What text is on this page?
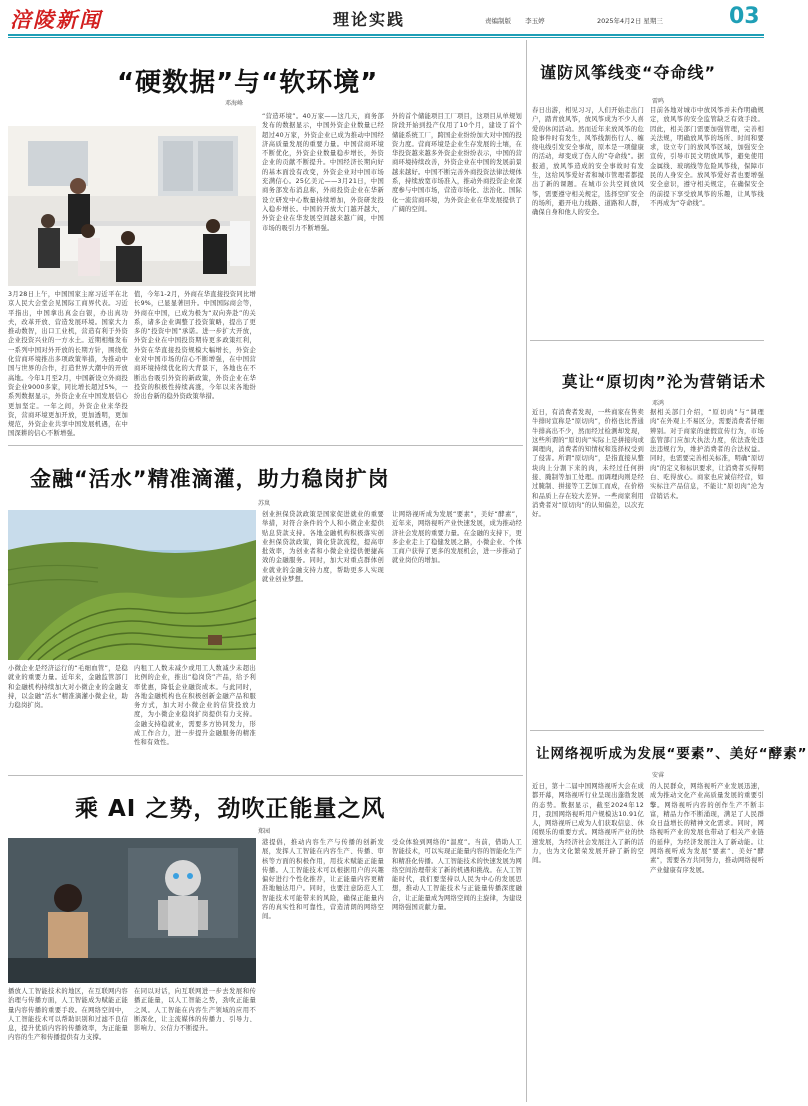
涪陵新闻	理论实践	责编制版 李玉婷	2025年4月2日 星期三	03
“硬数据”与“软环境”
邓海峰
3月28日上午，中国国家主席习近平在北京人民大会堂会见国际工商界代表。习近平指出，中国拿出真金白银，办出真功夫，改革开放、营造发展环境。国家大力推动数智，出口工业机，营造有利于外资企业投资兴业的一方水土。近期相继发布一系列中国对外开放的长期方针，围绕优化营商环境推出多项政策举措，为推动中国与世界的合作，打造世界大潮中的开放高地。今年1月至2月，中国新设立外商投资企业9000多家，同比增长超过5%，一系列数据显示，外资企业在中国发展信心更加坚定。一年之间，外资企业来华投资，营商环境更加开放，更加透明，更加规范，外资企业共享中国发展机遇，在中国深耕的信心不断增强。
值，今年1-2月，外商在华直接投资同比增长9%，已显显著回升。中国国际商会等，外商在中国，已成为极为“双向奔赴”的关系，诸多企业调整了投资策略，提出了更多的“投资中国”承诺。进一步扩大开放，外资企业在中国投资期待更多政策红利，外资在华直接投资规模大幅增长，外资企业对中国市场的信心不断增强，在中国营商环境持续优化的大背景下，各地也在不断出台吸引外资的新政策，外资企业在华投资的积极性持续高涨，今年以来各地纷纷出台新的稳外资政策举措。
“营造环境”。40万家——这几天，商务部发布的数据显示，中国外资企业数量已经超过40万家，外资企业已成为推动中国经济高质量发展的重要力量。中国营商环境不断优化，外资企业数量稳步增长，外资企业的贡献不断提升。中国经济长期向好的基本面没有改变，外资企业对中国市场充满信心。25亿美元——3月21日，中国商务部发布消息称，外商投资企业在华新设立研发中心数量持续增加，外资研发投入稳步增长。中国的开放大门越开越大，外资企业在华发展空间越来越广阔，中国市场的吸引力不断增强。
外的首个储能项目工厂项目，这项目从单规划阶段开始到投产仅用了10个月，建设了首个储能系统工厂，跨国企业纷纷加大对中国的投资力度。营商环境是企业生存发展的土壤，在华投资越来越多外资企业纷纷表示，中国的营商环境持续改善，外资企业在中国的发展前景越来越好。中国不断完善外商投资法律法规体系，持续放宽市场准入，推动外商投资企业深度参与中国市场，营造市场化、法治化、国际化一流营商环境，为外资企业在华发展提供了广阔的空间。
谨防风筝线变“夺命线”
雷鸣
春日出游，相见习习，人们开始走出门户，踏青放风筝，放风筝成为不少人喜爱的休闲活动。然而近年来放风筝的危险事件时有发生，风筝线割伤行人、缠绕电线引发安全事故，原本是一项健康的活动，却变成了伤人的“夺命线”。据报道，放风筝造成的安全事故时有发生，这给风筝爱好者和城市管理者都提出了新的课题。在城市公共空间放风筝，需要遵守相关规定，选择空旷安全的场所，避开电力线路、道路和人群，确保自身和他人的安全。
目前各地对城市中放风筝并未作明确规定，放风筝的安全监管缺乏有效手段。因此，相关部门需要加强管理，完善相关法规，明确放风筝的场所、时间和要求，设立专门的放风筝区域，加强安全宣传，引导市民文明放风筝，避免使用金属线、玻璃线等危险风筝线，保障市民的人身安全。放风筝爱好者也要增强安全意识，遵守相关规定，在确保安全的前提下享受放风筝的乐趣，让风筝线不再成为“夺命线”。
莫让“原切肉”沦为营销话术
邓鸿
近日，有消费者发现，一些商家在售卖牛排时宣称是“原切肉”，价格也比普通牛排高出不少，然而经过检测却发现，这些所谓的“原切肉”实际上是拼接肉或调理肉，消费者的知情权和选择权受到了侵害。所谓“原切肉”，是指直接从整块肉上分割下来的肉，未经过任何拼接、腌制等加工处理。而调理肉则是经过腌制、拼接等工艺加工而成，在价格和品质上存在较大差异。一些商家利用消费者对“原切肉”的认知偏差，以次充好。
据相关部门介绍，“原切肉”与“调理肉”在外观上不易区分，需要消费者仔细辨别。对于商家的虚假宣传行为，市场监管部门应加大执法力度，依法查处违法违规行为，维护消费者的合法权益。同时，也需要完善相关标准，明确“原切肉”的定义和标识要求，让消费者买得明白、吃得放心。商家也应诚信经营，如实标注产品信息，不能让“原切肉”沦为营销话术。
金融“活水”精准滴灌，助力稳岗扩岗
苏岚
小微企业是经济运行的“毛细血管”，是稳就业的重要力量。近年来，金融监管部门和金融机构持续加大对小微企业的金融支持，以金融“活水”精准滴灌小微企业，助力稳岗扩岗。
内租工人数未减少或用工人数减少未超出比例的企业，推出“稳岗贷”产品，给予利率优惠，降低企业融资成本。与此同时，各地金融机构也在积极创新金融产品和服务方式，加大对小微企业的信贷投放力度，为小微企业稳岗扩岗提供有力支持。金融支持稳就业，需要多方协同发力，形成工作合力，进一步提升金融服务的精准性和有效性。
创业担保贷款政策是国家促进就业的重要举措，对符合条件的个人和小微企业提供贴息贷款支持。各地金融机构积极落实创业担保贷款政策，简化贷款流程，提高审批效率，为创业者和小微企业提供便捷高效的金融服务。同时，加大对重点群体创业就业的金融支持力度，帮助更多人实现就业创业梦想。
让网络视听成为发展“要素”，美好“酵素”，近年来，网络视听产业快速发展，成为推动经济社会发展的重要力量。在金融的支持下，更多企业走上了稳健发展之路，小微企业、个体工商户获得了更多的发展机会，进一步推动了就业岗位的增加。
让网络视听成为发展“要素”、美好“酵素”
安睿
近日，第十二届中国网络视听大会在成都开幕，网络视听行业呈现出蓬勃发展的态势。数据显示，截至2024年12月，我国网络视听用户规模达10.91亿人，网络视听已成为人们获取信息、休闲娱乐的重要方式。网络视听产业的快速发展，为经济社会发展注入了新的活力，也为文化繁荣发展开辟了新的空间。
的人民群众，网络视听产业发展迅速，成为推动文化产业高质量发展的重要引擎。网络视听内容的创作生产不断丰富，精品力作不断涌现，满足了人民群众日益增长的精神文化需求。同时，网络视听产业的发展也带动了相关产业链的延伸，为经济发展注入了新动能。让网络视听成为发展“要素”、美好“酵素”，需要各方共同努力，推动网络视听产业健康有序发展。
乘 AI 之势，劲吹正能量之风
郑园
播放人工智能技术的地区，在互联网内容治理与传播方面，人工智能成为赋能正能量内容传播的重要手段。在网络空间中，人工智能技术可以帮助识别和过滤不良信息，提升优质内容的传播效率，为正能量内容的生产和传播提供有力支撑。
在同以对话，向互联网进一步去发展和传播正能量，以人工智能之势，劲吹正能量之风。人工智能在内容生产领域的应用不断深化，让主流媒体的传播力、引导力、影响力、公信力不断提升。
港提倡，推动内容生产与传播的创新发展，发挥人工智能在内容生产、传播、审核等方面的积极作用，用技术赋能正能量传播。人工智能技术可以根据用户的兴趣偏好进行个性化推荐，让正能量内容更精准地触达用户。同时，也要注意防范人工智能技术可能带来的风险，确保正能量内容的真实性和可靠性，营造清朗的网络空间。
受众体验到网络的“温度”。当前，借助人工智能技术，可以实现正能量内容的智能化生产和精准化传播。人工智能技术的快速发展为网络空间治理带来了新的机遇和挑战。在人工智能时代，我们要坚持以人民为中心的发展思想，推动人工智能技术与正能量传播深度融合，让正能量成为网络空间的主旋律，为建设网络强国贡献力量。
